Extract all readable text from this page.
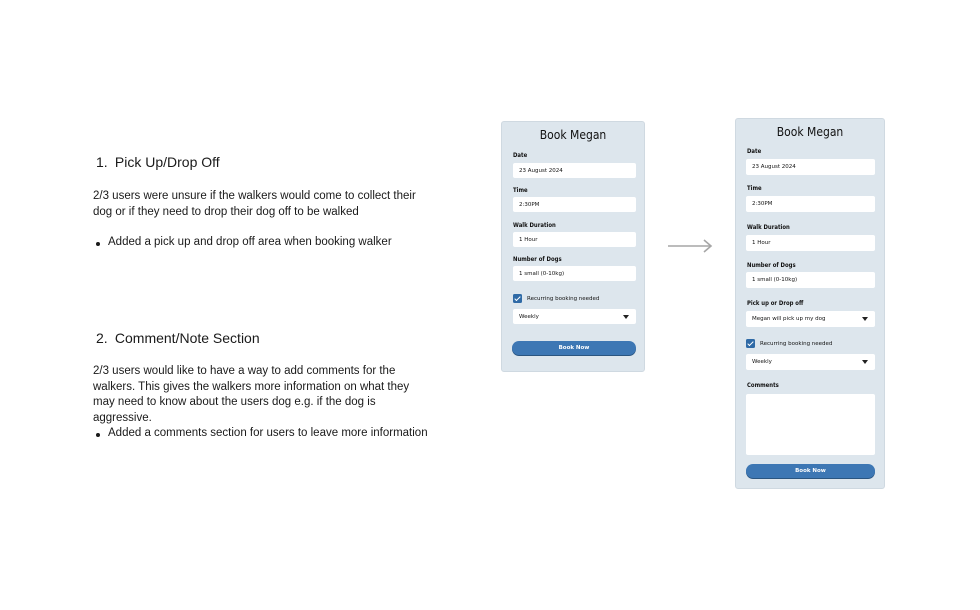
1. Pick Up/Drop Off
2/3 users were unsure if the walkers would come to collect their dog or if they need to drop their dog off to be walked
Added a pick up and drop off area when booking walker
2. Comment/Note Section
2/3 users would like to have a way to add comments for the walkers. This gives the walkers more information on what they may need to know about the users dog e.g. if the dog is aggressive.
Added a comments section for users to leave more information
Book Megan
Date
23 August 2024
Time
2:30PM
Walk Duration
1 Hour
Number of Dogs
1 small (0-10kg)
Recurring booking needed
Weekly
Book Now
Book Megan
Date
23 August 2024
Time
2:30PM
Walk Duration
1 Hour
Number of Dogs
1 small (0-10kg)
Pick up or Drop off
Megan will pick up my dog
Recurring booking needed
Weekly
Comments
Book Now
